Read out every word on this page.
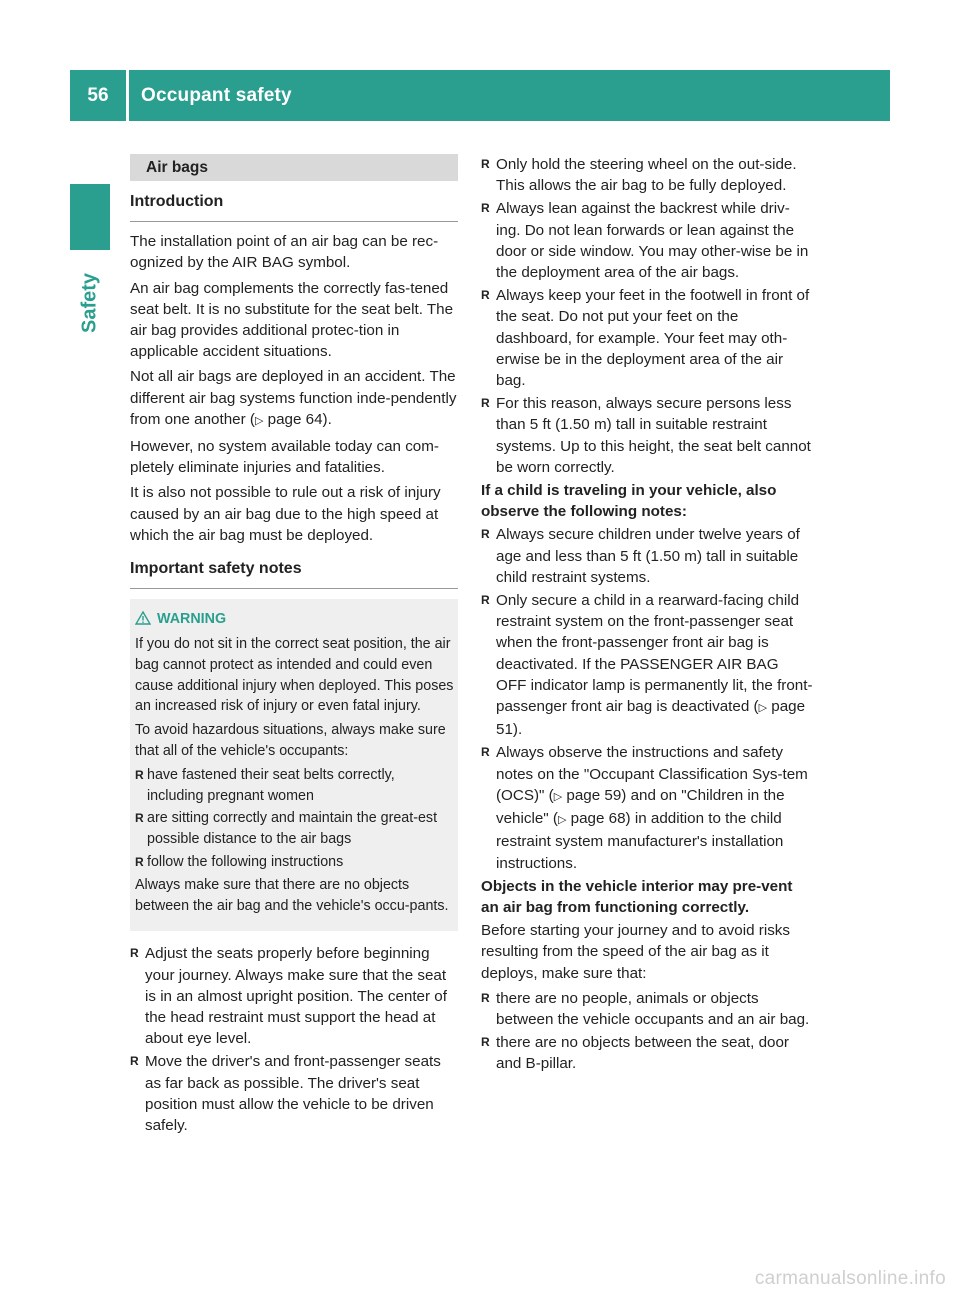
56	Occupant safety
Safety
Air bags
Introduction

The installation point of an air bag can be rec-ognized by the AIR BAG symbol.

An air bag complements the correctly fas-tened seat belt. It is no substitute for the seat belt. The air bag provides additional protec-tion in applicable accident situations.

Not all air bags are deployed in an accident. The different air bag systems function inde-pendently from one another (▷ page 64).

However, no system available today can com-pletely eliminate injuries and fatalities.

It is also not possible to rule out a risk of injury caused by an air bag due to the high speed at which the air bag must be deployed.

Important safety notes
WARNING

If you do not sit in the correct seat position, the air bag cannot protect as intended and could even cause additional injury when deployed. This poses an increased risk of injury or even fatal injury.

To avoid hazardous situations, always make sure that all of the vehicle's occupants:

R have fastened their seat belts correctly, including pregnant women
R are sitting correctly and maintain the great-est possible distance to the air bags
R follow the following instructions

Always make sure that there are no objects between the air bag and the vehicle's occu-pants.

R Adjust the seats properly before beginning your journey. Always make sure that the seat is in an almost upright position. The center of the head restraint must support the head at about eye level.
R Move the driver's and front-passenger seats as far back as possible. The driver's seat position must allow the vehicle to be driven safely.
R Only hold the steering wheel on the out-side. This allows the air bag to be fully deployed.
R Always lean against the backrest while driv-ing. Do not lean forwards or lean against the door or side window. You may other-wise be in the deployment area of the air bags.
R Always keep your feet in the footwell in front of the seat. Do not put your feet on the dashboard, for example. Your feet may oth-erwise be in the deployment area of the air bag.
R For this reason, always secure persons less than 5 ft (1.50 m) tall in suitable restraint systems. Up to this height, the seat belt cannot be worn correctly.

If a child is traveling in your vehicle, also observe the following notes:

R Always secure children under twelve years of age and less than 5 ft (1.50 m) tall in suitable child restraint systems.
R Only secure a child in a rearward-facing child restraint system on the front-passenger seat when the front-passenger front air bag is deactivated. If the PASSENGER AIR BAG OFF indicator lamp is permanently lit, the front-passenger front air bag is deactivated (▷ page 51).
R Always observe the instructions and safety notes on the "Occupant Classification Sys-tem (OCS)" (▷ page 59) and on "Children in the vehicle" (▷ page 68) in addition to the child restraint system manufacturer's installation instructions.

Objects in the vehicle interior may pre-vent an air bag from functioning correctly.

Before starting your journey and to avoid risks resulting from the speed of the air bag as it deploys, make sure that:

R there are no people, animals or objects between the vehicle occupants and an air bag.
R there are no objects between the seat, door and B-pillar.
carmanualsonline.info
